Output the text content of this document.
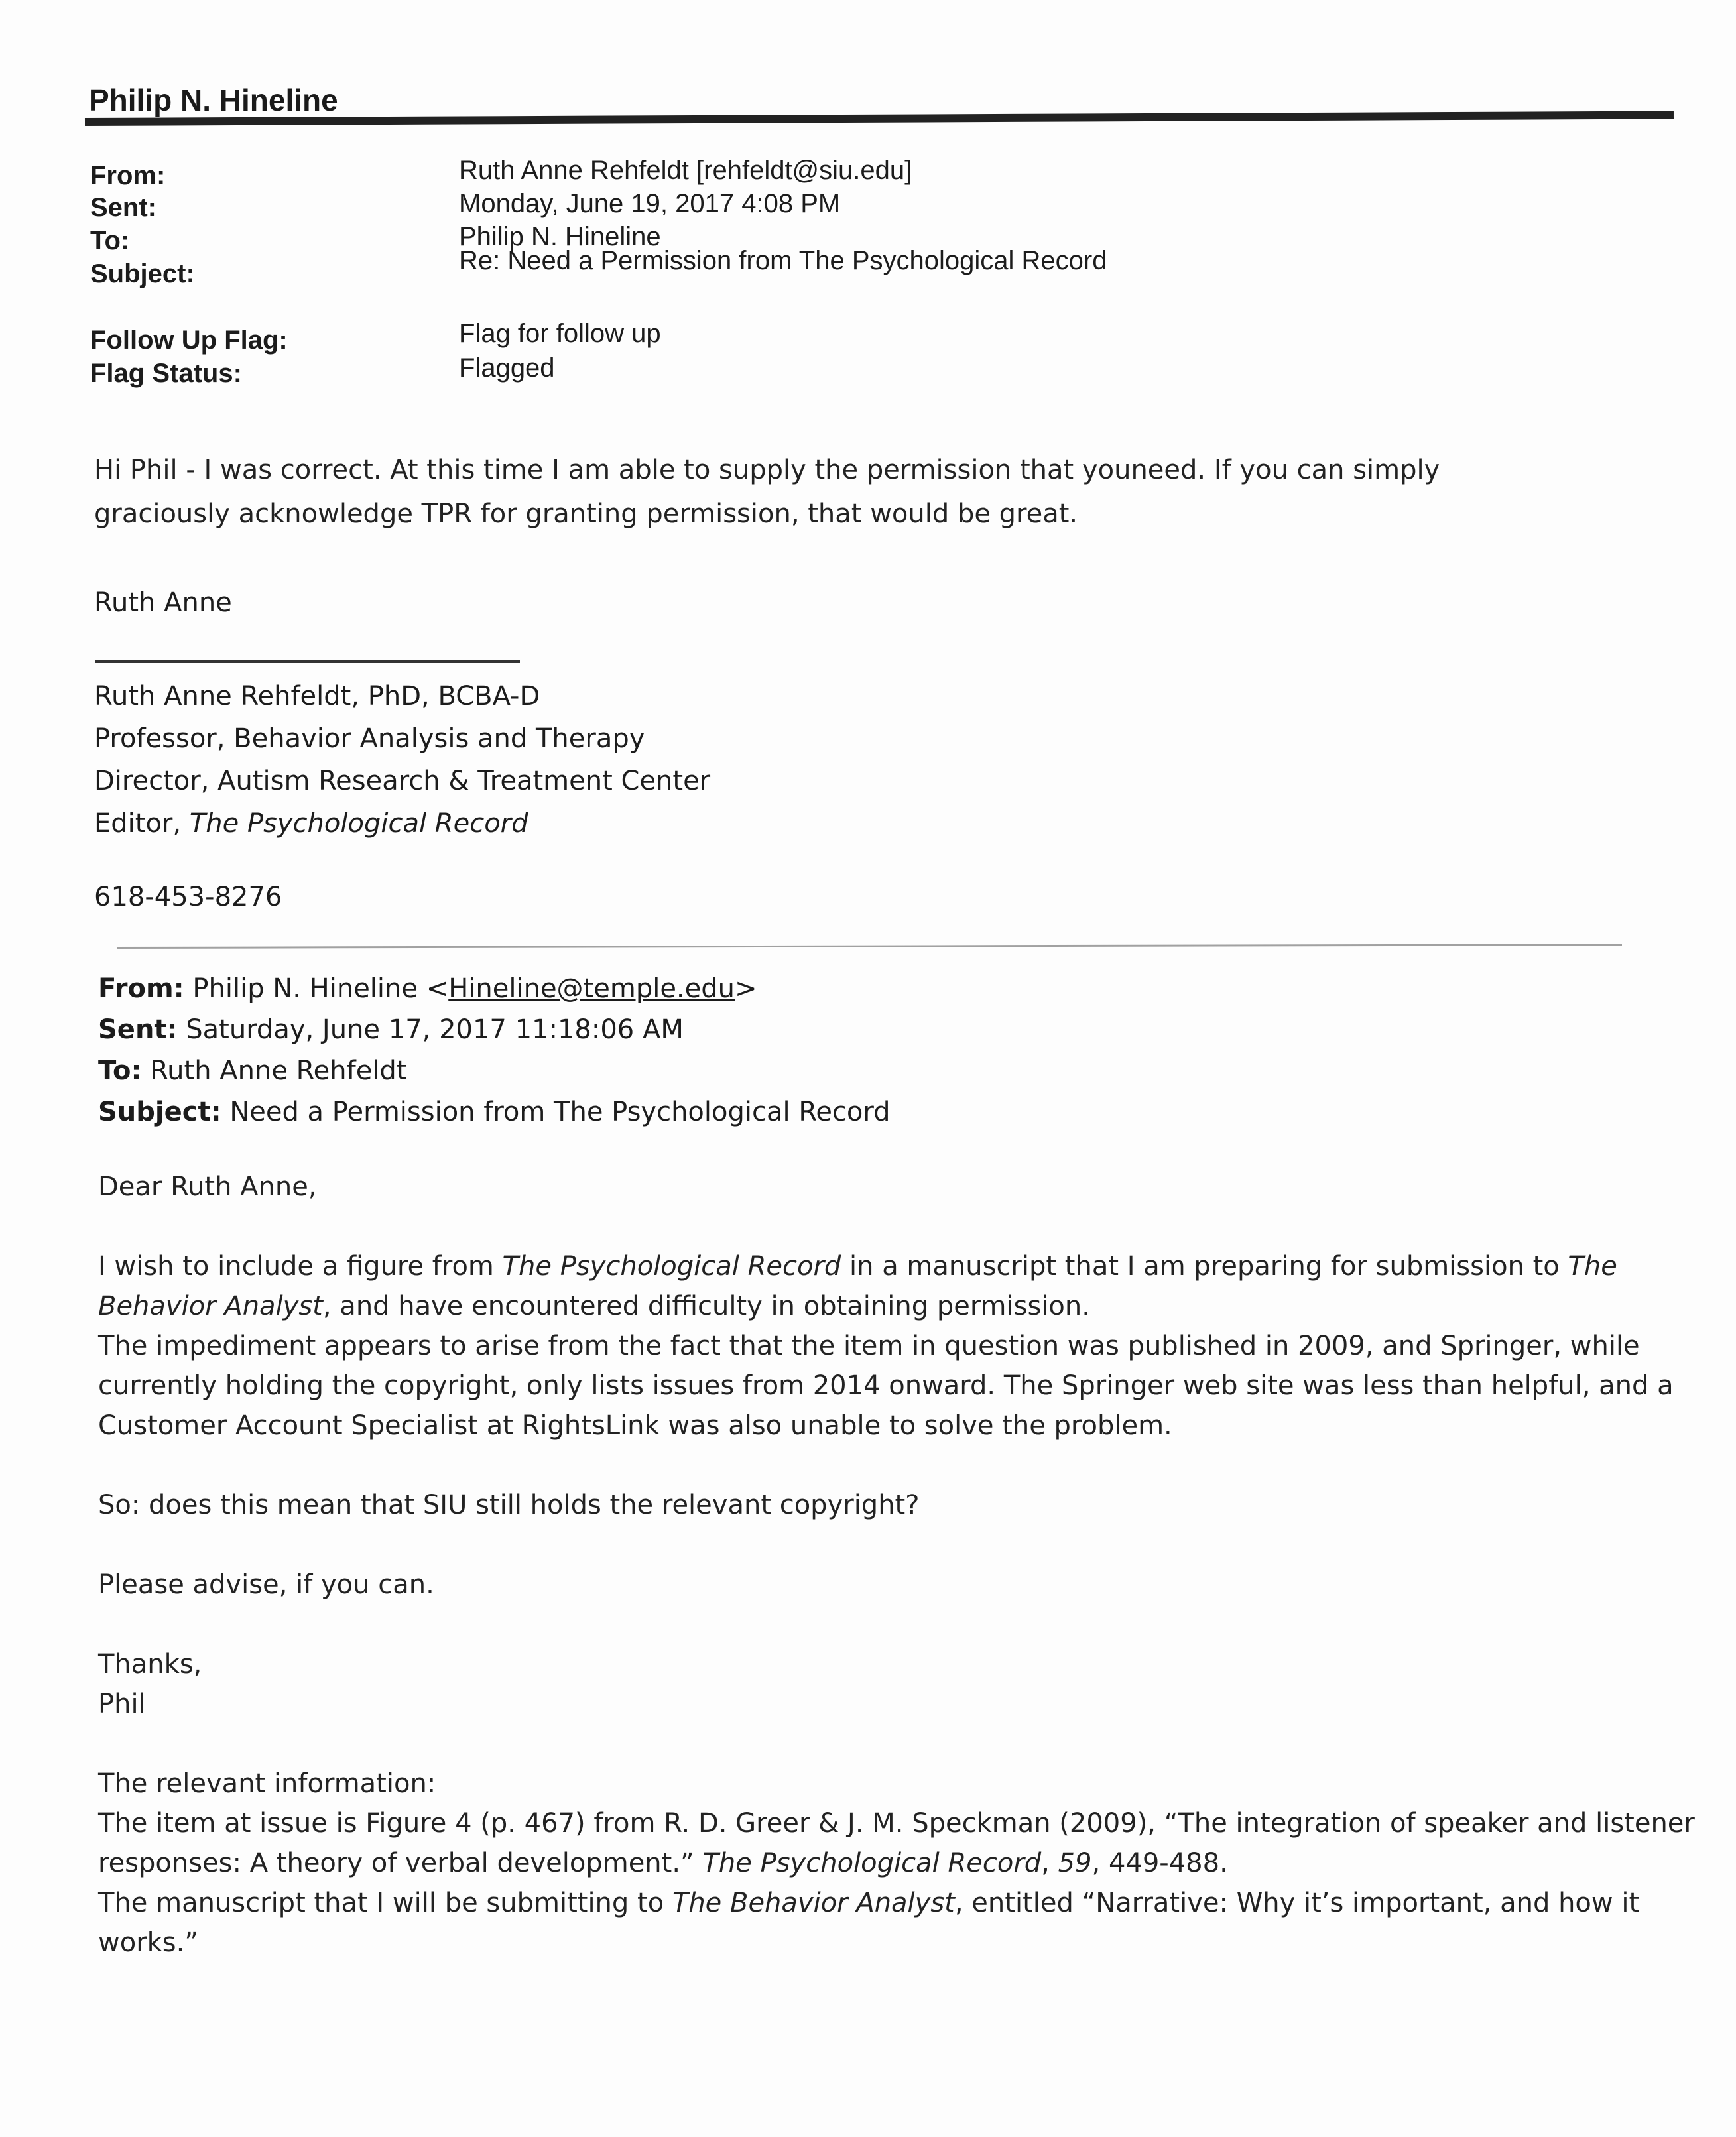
Philip N. Hineline
From:	Ruth Anne Rehfeldt [rehfeldt@siu.edu]
Sent:	Monday, June 19, 2017 4:08 PM
To:	Philip N. Hineline
Subject:	Re: Need a Permission from The Psychological Record
Follow Up Flag:	Flag for follow up
Flag Status:	Flagged

Hi Phil - I was correct. At this time I am able to supply the permission that youneed. If you can simply

graciously acknowledge TPR for granting permission, that would be great.

Ruth Anne
Ruth Anne Rehfeldt, PhD, BCBA-D
Professor, Behavior Analysis and Therapy
Director, Autism Research & Treatment Center
Editor, The Psychological Record
618-453-8276
From: Philip N. Hineline <Hineline@temple.edu>
Sent: Saturday, June 17, 2017 11:18:06 AM
To: Ruth Anne Rehfeldt
Subject: Need a Permission from The Psychological Record

Dear Ruth Anne,

I wish to include a figure from The Psychological Record in a manuscript that I am preparing for submission to The

Behavior Analyst, and have encountered difficulty in obtaining permission.

The impediment appears to arise from the fact that the item in question was published in 2009, and Springer, while

currently holding the copyright, only lists issues from 2014 onward. The Springer web site was less than helpful, and a

Customer Account Specialist at RightsLink was also unable to solve the problem.

So: does this mean that SIU still holds the relevant copyright?

Please advise, if you can.

Thanks,

Phil

The relevant information:

The item at issue is Figure 4 (p. 467) from R. D. Greer & J. M. Speckman (2009), “The integration of speaker and listener

responses: A theory of verbal development.” The Psychological Record, 59, 449-488.

The manuscript that I will be submitting to The Behavior Analyst, entitled “Narrative: Why it’s important, and how it

works.”
